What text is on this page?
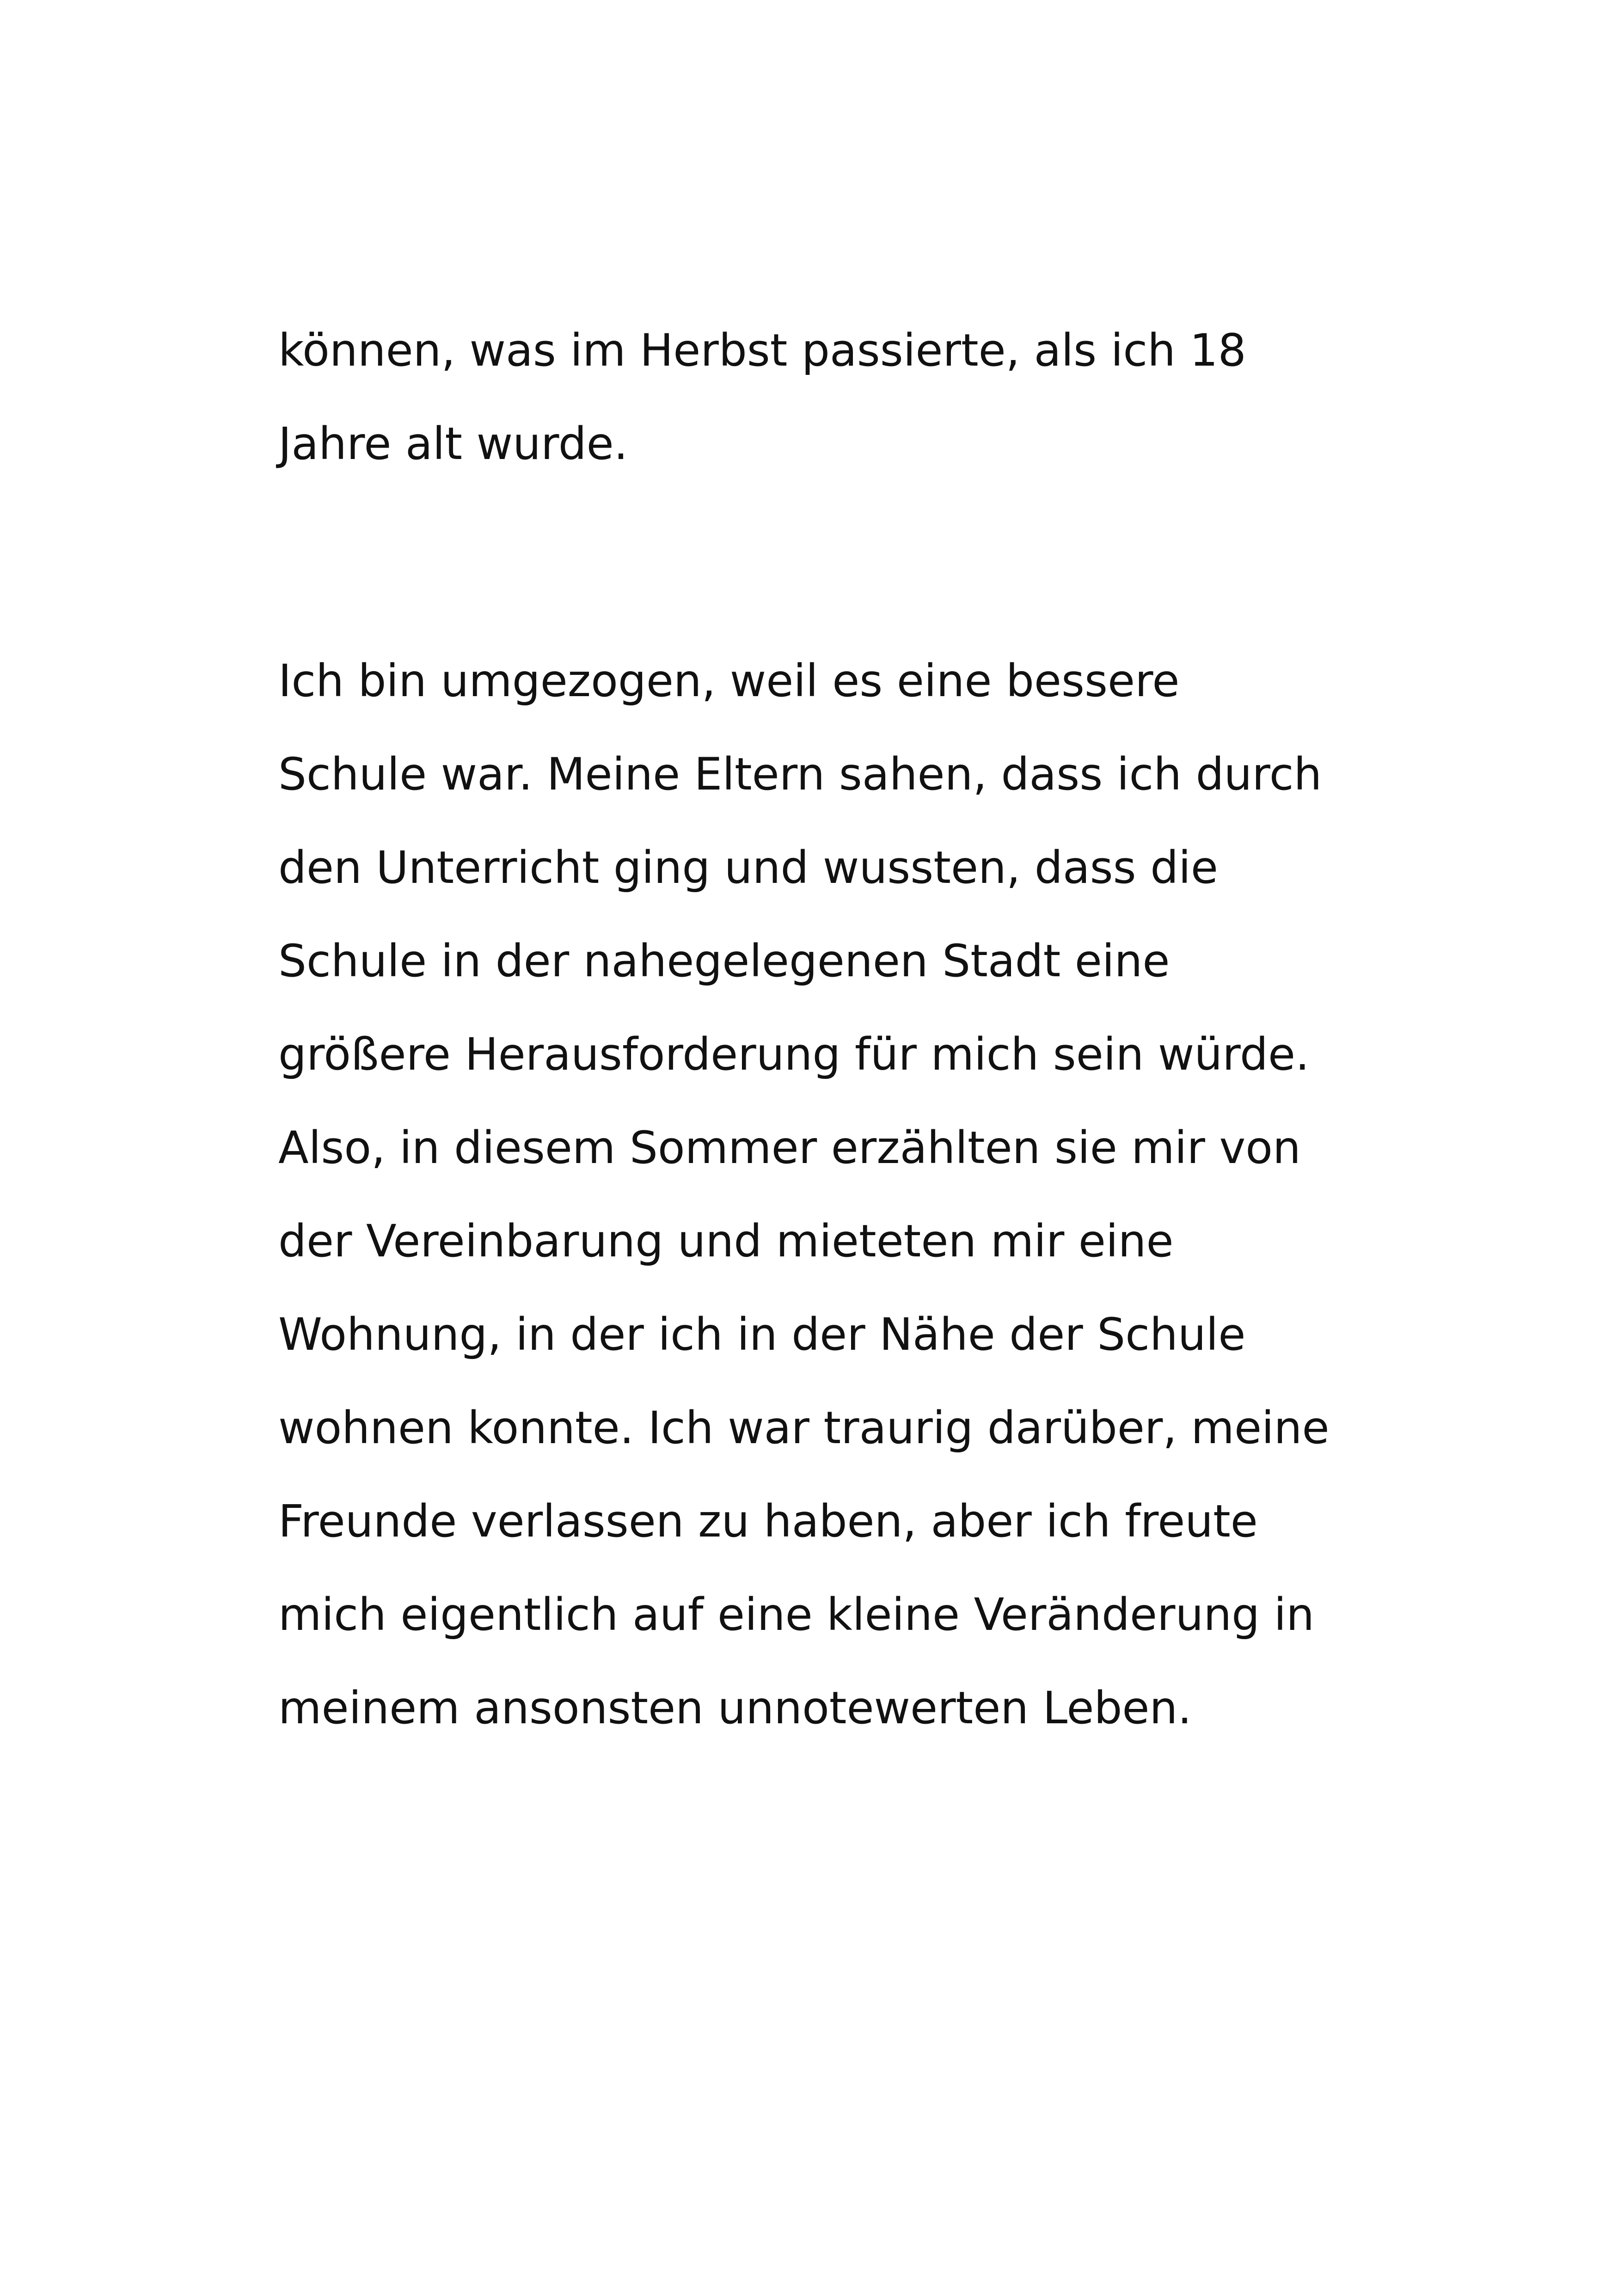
können, was im Herbst passierte, als ich 18
Jahre alt wurde.
Ich bin umgezogen, weil es eine bessere
Schule war. Meine Eltern sahen, dass ich durch
den Unterricht ging und wussten, dass die
Schule in der nahegelegenen Stadt eine
größere Herausforderung für mich sein würde.
Also, in diesem Sommer erzählten sie mir von
der Vereinbarung und mieteten mir eine
Wohnung, in der ich in der Nähe der Schule
wohnen konnte. Ich war traurig darüber, meine
Freunde verlassen zu haben, aber ich freute
mich eigentlich auf eine kleine Veränderung in
meinem ansonsten unnotewerten Leben.
